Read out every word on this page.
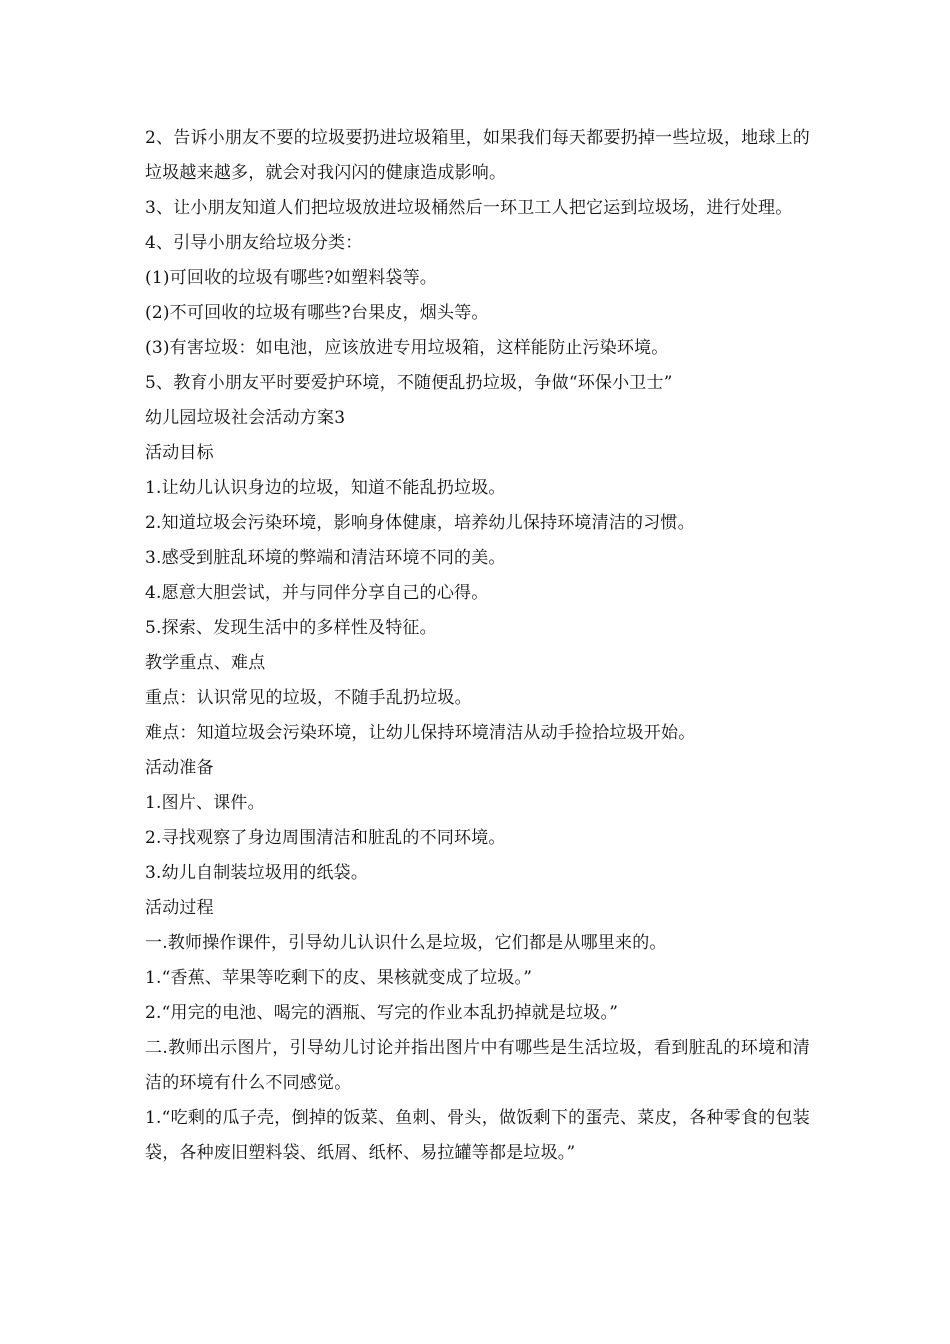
2、告诉小朋友不要的垃圾要扔进垃圾箱里，如果我们每天都要扔掉一些垃圾，地球上的垃圾越来越多，就会对我闪闪的健康造成影响。

3、让小朋友知道人们把垃圾放进垃圾桶然后一环卫工人把它运到垃圾场，进行处理。

4、引导小朋友给垃圾分类：

(1)可回收的垃圾有哪些?如塑料袋等。

(2)不可回收的垃圾有哪些?台果皮，烟头等。

(3)有害垃圾：如电池，应该放进专用垃圾箱，这样能防止污染环境。

5、教育小朋友平时要爱护环境，不随便乱扔垃圾，争做“环保小卫士”

幼儿园垃圾社会活动方案3

活动目标

1.让幼儿认识身边的垃圾，知道不能乱扔垃圾。

2.知道垃圾会污染环境，影响身体健康，培养幼儿保持环境清洁的习惯。

3.感受到脏乱环境的弊端和清洁环境不同的美。

4.愿意大胆尝试，并与同伴分享自己的心得。

5.探索、发现生活中的多样性及特征。

教学重点、难点

重点：认识常见的垃圾，不随手乱扔垃圾。

难点：知道垃圾会污染环境，让幼儿保持环境清洁从动手捡拾垃圾开始。

活动准备

1.图片、课件。

2.寻找观察了身边周围清洁和脏乱的不同环境。

3.幼儿自制装垃圾用的纸袋。

活动过程

一.教师操作课件，引导幼儿认识什么是垃圾，它们都是从哪里来的。

1.“香蕉、苹果等吃剩下的皮、果核就变成了垃圾。”

2.“用完的电池、喝完的酒瓶、写完的作业本乱扔掉就是垃圾。”

二.教师出示图片，引导幼儿讨论并指出图片中有哪些是生活垃圾，看到脏乱的环境和清洁的环境有什么不同感觉。

1.“吃剩的瓜子壳，倒掉的饭菜、鱼刺、骨头，做饭剩下的蛋壳、菜皮，各种零食的包装袋，各种废旧塑料袋、纸屑、纸杯、易拉罐等都是垃圾。”
